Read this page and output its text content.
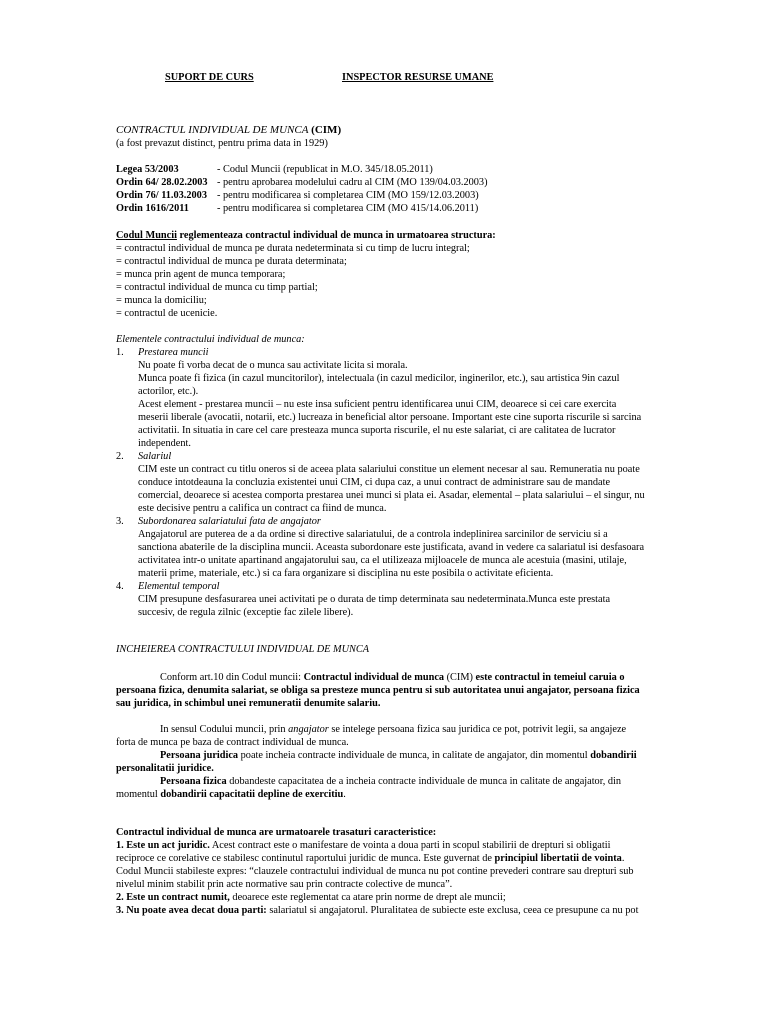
SUPORT DE CURS	INSPECTOR RESURSE UMANE
CONTRACTUL INDIVIDUAL DE MUNCA (CIM)
(a fost prevazut distinct, pentru prima data in 1929)
Legea 53/2003	- Codul Muncii (republicat in M.O. 345/18.05.2011)
Ordin 64/ 28.02.2003 - pentru aprobarea modelului cadru al CIM (MO 139/04.03.2003)
Ordin 76/ 11.03.2003 - pentru modificarea si completarea CIM (MO 159/12.03.2003)
Ordin 1616/2011	- pentru modificarea si completarea CIM (MO 415/14.06.2011)
Codul Muncii reglementeaza contractul individual de munca in urmatoarea structura:
= contractul individual de munca pe durata nedeterminata si cu timp de lucru integral;
= contractul individual de munca pe durata determinata;
= munca prin agent de munca temporara;
= contractul individual de munca cu timp partial;
= munca la domiciliu;
= contractul de ucenicie.
Elementele contractului individual de munca:
1. Prestarea muncii
Nu poate fi vorba decat de o munca sau activitate licita si morala.
Munca poate fi fizica (in cazul muncitorilor), intelectuala (in cazul medicilor, inginerilor, etc.), sau artistica 9in cazul
actorilor, etc.).
Acest element - prestarea muncii – nu este insa suficient pentru identificarea unui CIM, deoarece si cei care exercita
meserii liberale (avocatii, notarii, etc.) lucreaza in beneficial altor persoane. Important este cine suporta riscurile si sarcina
activitatii. In situatia in care cel care presteaza munca suporta riscurile, el nu este salariat, ci are calitatea de lucrator
independent.
2. Salariul
CIM este un contract cu titlu oneros si de aceea plata salariului constitue un element necesar al sau. Remuneratia nu poate
conduce intotdeauna la concluzia existentei unui CIM, ci dupa caz, a unui contract de administrare sau de mandate
comercial, deoarece si acestea comporta prestarea unei munci si plata ei. Asadar, elemental – plata salariului – el singur, nu
este decisive pentru a califica un contract ca fiind de munca.
3. Subordonarea salariatului fata de angajator
Angajatorul are puterea de a da ordine si directive salariatului, de a controla indeplinirea sarcinilor de serviciu si a
sanctiona abaterile de la disciplina muncii. Aceasta subordonare este justificata, avand in vedere ca salariatul isi desfasoara
activitatea intr-o unitate apartinand angajatorului sau, ca el utilizeaza mijloacele de munca ale acestuia (masini, utilaje,
materii prime, materiale, etc.) si ca fara organizare si disciplina nu este posibila o activitate eficienta.
4. Elementul temporal
CIM presupune desfasurarea unei activitati pe o durata de timp determinata sau nedeterminata.Munca este prestata
succesiv, de regula zilnic (exceptie fac zilele libere).
INCHEIEREA CONTRACTULUI INDIVIDUAL DE MUNCA
Conform art.10 din Codul muncii: Contractul individual de munca (CIM) este contractul in temeiul caruia o
persoana fizica, denumita salariat, se obliga sa presteze munca pentru si sub autoritatea unui angajator, persoana fizica
sau juridica, in schimbul unei remuneratii denumite salariu.
In sensul Codului muncii, prin angajator se intelege persoana fizica sau juridica ce pot, potrivit legii, sa angajeze
forta de munca pe baza de contract individual de munca.
Persoana juridica poate incheia contracte individuale de munca, in calitate de angajator, din momentul dobandirii
personalitatii juridice.
Persoana fizica dobandeste capacitatea de a incheia contracte individuale de munca in calitate de angajator, din
momentul dobandirii capacitatii depline de exercitiu.
Contractul individual de munca are urmatoarele trasaturi caracteristice:
1. Este un act juridic. Acest contract este o manifestare de vointa a doua parti in scopul stabilirii de drepturi si obligatii
reciproce ce corelative ce stabilesc continutul raportului juridic de munca. Este guvernat de principiul libertatii de vointa.
Codul Muncii stabileste expres: “clauzele contractului individual de munca nu pot contine prevederi contrare sau drepturi sub
nivelul minim stabilit prin acte normative sau prin contracte colective de munca”.
2. Este un contract numit, deoarece este reglementat ca atare prin norme de drept ale muncii;
3. Nu poate avea decat doua parti: salariatul si angajatorul. Pluralitatea de subiecte este exclusa, ceea ce presupune ca nu pot
